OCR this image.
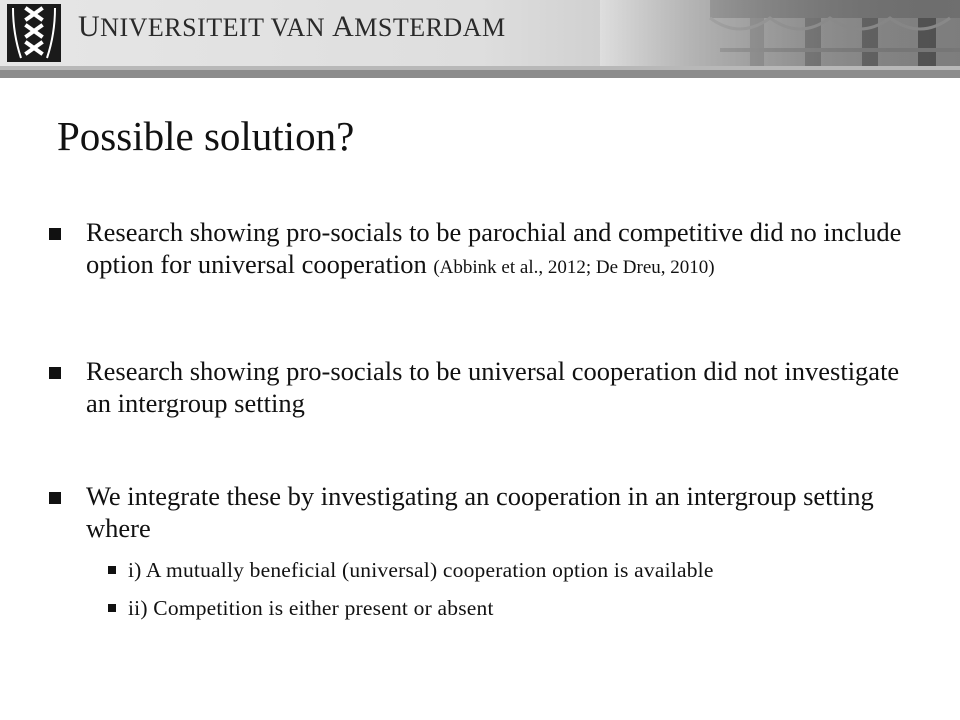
UNIVERSITEIT VAN AMSTERDAM
Possible solution?
Research showing pro-socials to be parochial and competitive did no include option for universal cooperation (Abbink et al., 2012; De Dreu, 2010)
Research showing pro-socials to be universal cooperation did not investigate an intergroup setting
We integrate these by investigating an cooperation in an intergroup setting where
i) A mutually beneficial (universal) cooperation option is available
ii) Competition is either present or absent
